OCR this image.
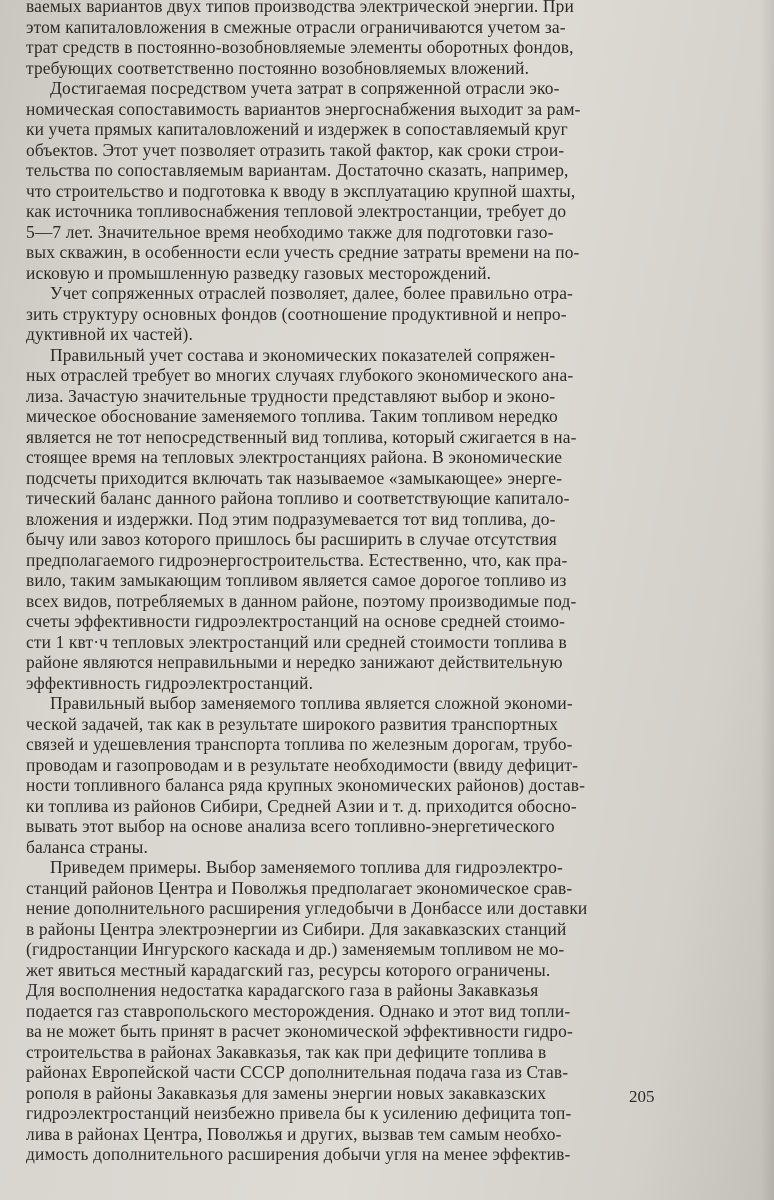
ваемых вариантов двух типов производства электрической энергии. При
этом капиталовложения в смежные отрасли ограничиваются учетом за-
трат средств в постоянно-возобновляемые элементы оборотных фондов,
требующих соответственно постоянно возобновляемых вложений.

Достигаемая посредством учета затрат в сопряженной отрасли эко-
номическая сопоставимость вариантов энергоснабжения выходит за рам-
ки учета прямых капиталовложений и издержек в сопоставляемый круг
объектов. Этот учет позволяет отразить такой фактор, как сроки строи-
тельства по сопоставляемым вариантам. Достаточно сказать, например,
что строительство и подготовка к вводу в эксплуатацию крупной шахты,
как источника топливоснабжения тепловой электростанции, требует до
5—7 лет. Значительное время необходимо также для подготовки газо-
вых скважин, в особенности если учесть средние затраты времени на по-
исковую и промышленную разведку газовых месторождений.

Учет сопряженных отраслей позволяет, далее, более правильно отра-
зить структуру основных фондов (соотношение продуктивной и непро-
дуктивной их частей).

Правильный учет состава и экономических показателей сопряжен-
ных отраслей требует во многих случаях глубокого экономического ана-
лиза. Зачастую значительные трудности представляют выбор и эконо-
мическое обоснование заменяемого топлива. Таким топливом нередко
является не тот непосредственный вид топлива, который сжигается в на-
стоящее время на тепловых электростанциях района. В экономические
подсчеты приходится включать так называемое «замыкающее» энерге-
тический баланс данного района топливо и соответствующие капитало-
вложения и издержки. Под этим подразумевается тот вид топлива, до-
бычу или завоз которого пришлось бы расширить в случае отсутствия
предполагаемого гидроэнергостроительства. Естественно, что, как пра-
вило, таким замыкающим топливом является самое дорогое топливо из
всех видов, потребляемых в данном районе, поэтому производимые под-
счеты эффективности гидроэлектростанций на основе средней стоимо-
сти 1 квт·ч тепловых электростанций или средней стоимости топлива в
районе являются неправильными и нередко занижают действительную
эффективность гидроэлектростанций.

Правильный выбор заменяемого топлива является сложной экономи-
ческой задачей, так как в результате широкого развития транспортных
связей и удешевления транспорта топлива по железным дорогам, трубо-
проводам и газопроводам и в результате необходимости (ввиду дефицит-
ности топливного баланса ряда крупных экономических районов) достав-
ки топлива из районов Сибири, Средней Азии и т. д. приходится обосно-
вывать этот выбор на основе анализа всего топливно-энергетического
баланса страны.

Приведем примеры. Выбор заменяемого топлива для гидроэлектро-
станций районов Центра и Поволжья предполагает экономическое срав-
нение дополнительного расширения угледобычи в Донбассе или доставки
в районы Центра электроэнергии из Сибири. Для закавказских станций
(гидростанции Ингурского каскада и др.) заменяемым топливом не мо-
жет явиться местный карадагский газ, ресурсы которого ограничены.
Для восполнения недостатка карадагского газа в районы Закавказья
подается газ ставропольского месторождения. Однако и этот вид топли-
ва не может быть принят в расчет экономической эффективности гидро-
строительства в районах Закавказья, так как при дефиците топлива в
районах Европейской части СССР дополнительная подача газа из Став-
рополя в районы Закавказья для замены энергии новых закавказских
гидроэлектростанций неизбежно привела бы к усилению дефицита топ-
лива в районах Центра, Поволжья и других, вызвав тем самым необхо-
димость дополнительного расширения добычи угля на менее эффектив-

205
